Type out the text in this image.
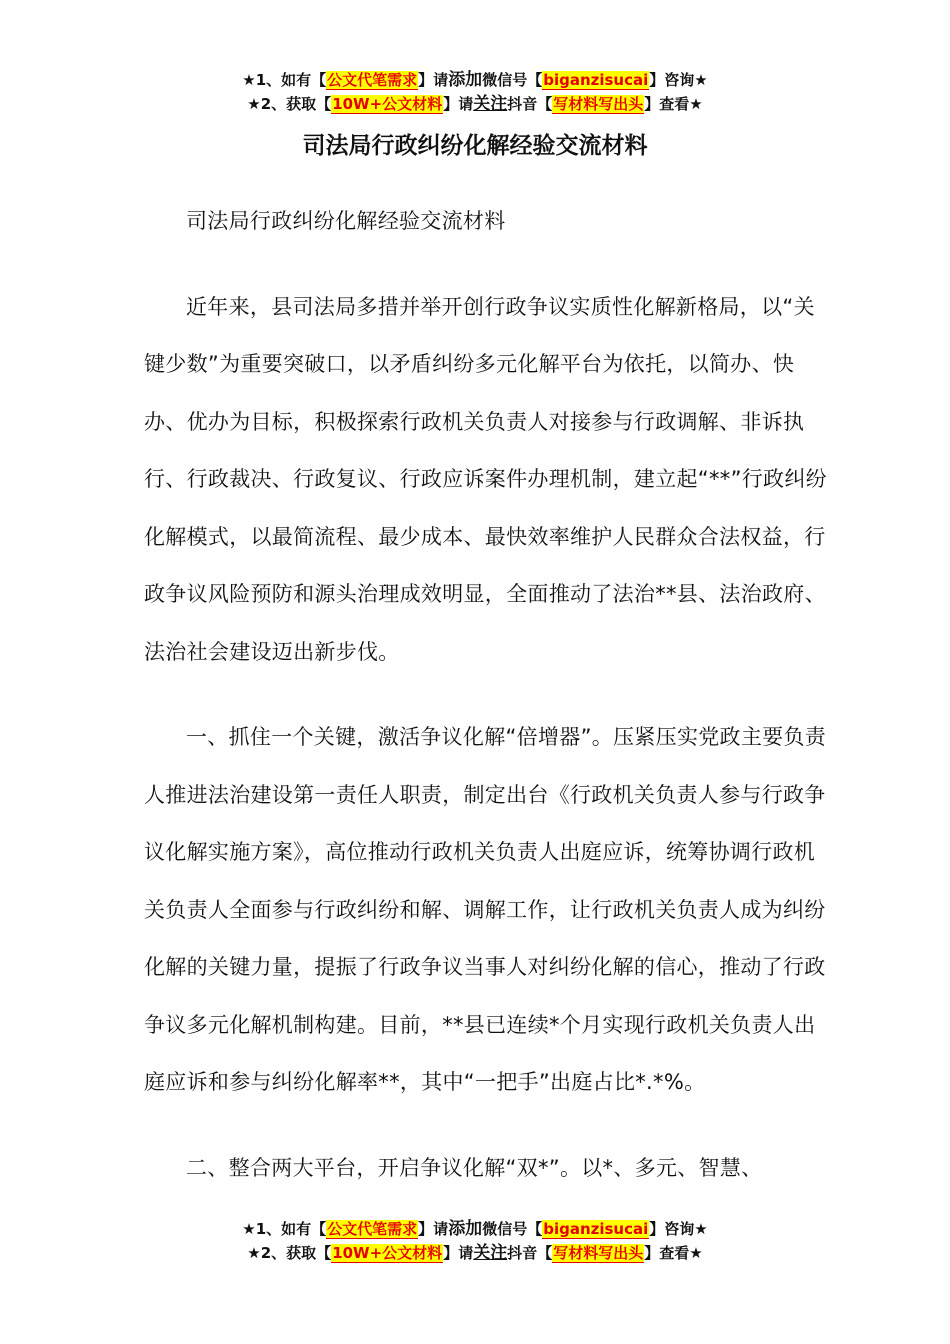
★1、如有【公文代笔需求】请添加微信号【biganzisucai】咨询★
★2、获取【10W+公文材料】请关注抖音【写材料写出头】查看★
司法局行政纠纷化解经验交流材料

司法局行政纠纷化解经验交流材料

近年来，县司法局多措并举开创行政争议实质性化解新格局，以“关键少数”为重要突破口，以矛盾纠纷多元化解平台为依托，以简办、快办、优办为目标，积极探索行政机关负责人对接参与行政调解、非诉执行、行政裁决、行政复议、行政应诉案件办理机制，建立起“**”行政纠纷化解模式，以最简流程、最少成本、最快效率维护人民群众合法权益，行政争议风险预防和源头治理成效明显，全面推动了法治**县、法治政府、法治社会建设迈出新步伐。

一、抓住一个关键，激活争议化解“倍增器”。压紧压实党政主要负责人推进法治建设第一责任人职责，制定出台《行政机关负责人参与行政争议化解实施方案》，高位推动行政机关负责人出庭应诉，统筹协调行政机关负责人全面参与行政纠纷和解、调解工作，让行政机关负责人成为纠纷化解的关键力量，提振了行政争议当事人对纠纷化解的信心，推动了行政争议多元化解机制构建。目前，**县已连续*个月实现行政机关负责人出庭应诉和参与纠纷化解率**，其中“一把手”出庭占比*.*%。

二、整合两大平台，开启争议化解“双*”。以*、多元、智慧、

★1、如有【公文代笔需求】请添加微信号【biganzisucai】咨询★
★2、获取【10W+公文材料】请关注抖音【写材料写出头】查看★
